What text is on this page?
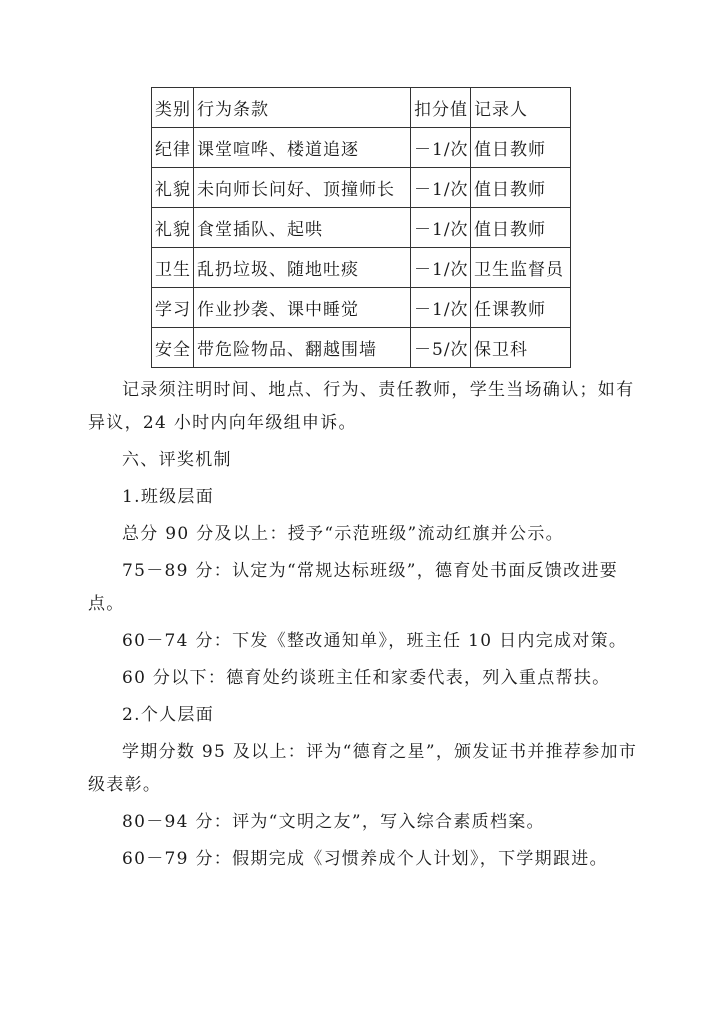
类别	行为条款	扣分值	记录人
纪律	课堂喧哗、楼道追逐	－1/次	值日教师
礼貌	未向师长问好、顶撞师长	－1/次	值日教师
礼貌	食堂插队、起哄	－1/次	值日教师
卫生	乱扔垃圾、随地吐痰	－1/次	卫生监督员
学习	作业抄袭、课中睡觉	－1/次	任课教师
安全	带危险物品、翻越围墙	－5/次	保卫科

记录须注明时间、地点、行为、责任教师，学生当场确认；如有异议，24 小时内向年级组申诉。

六、评奖机制

1.班级层面

总分 90 分及以上：授予“示范班级”流动红旗并公示。

75－89 分：认定为“常规达标班级”，德育处书面反馈改进要点。

60－74 分：下发《整改通知单》，班主任 10 日内完成对策。

60 分以下：德育处约谈班主任和家委代表，列入重点帮扶。

2.个人层面

学期分数 95 及以上：评为“德育之星”，颁发证书并推荐参加市级表彰。

80－94 分：评为“文明之友”，写入综合素质档案。

60－79 分：假期完成《习惯养成个人计划》，下学期跟进。
